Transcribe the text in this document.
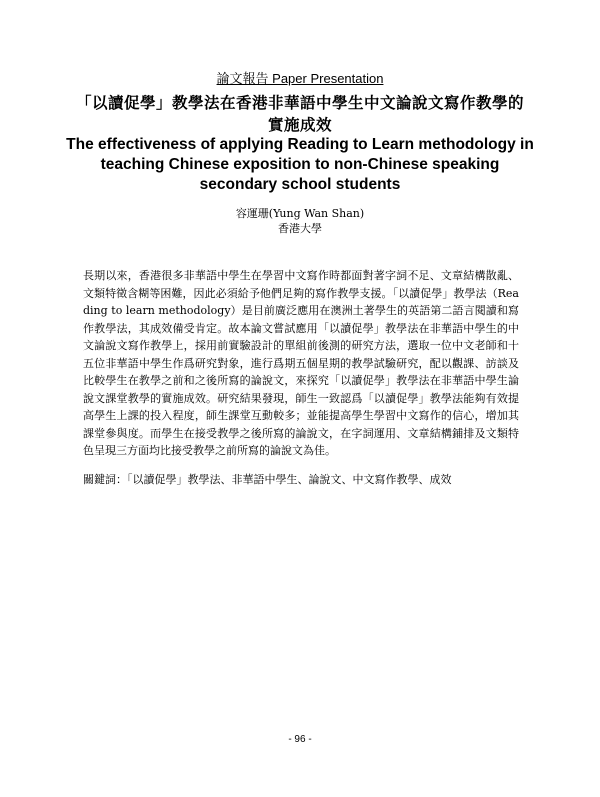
論文報告 Paper Presentation
「以讀促學」教學法在香港非華語中學生中文論說文寫作教學的實施成效
The effectiveness of applying Reading to Learn methodology in teaching Chinese exposition to non-Chinese speaking secondary school students
容運珊(Yung Wan Shan)
香港大學
長期以來，香港很多非華語中學生在學習中文寫作時都面對著字詞不足、文章結構散亂、文類特徵含糊等困難，因此必須給予他們足夠的寫作教學支援。「以讀促學」教學法（Reading to learn methodology）是目前廣泛應用在澳洲土著學生的英語第二語言閱讀和寫作教學法，其成效備受肯定。故本論文嘗試應用「以讀促學」教學法在非華語中學生的中文論說文寫作教學上，採用前實驗設計的單組前後測的研究方法，選取一位中文老師和十五位非華語中學生作爲研究對象，進行爲期五個星期的教學試驗研究，配以觀課、訪談及比較學生在教學之前和之後所寫的論說文，來探究「以讀促學」教學法在非華語中學生論說文課堂教學的實施成效。研究結果發現，師生一致認爲「以讀促學」教學法能夠有效提高學生上課的投入程度，師生課堂互動較多；並能提高學生學習中文寫作的信心，增加其課堂參與度。而學生在接受教學之後所寫的論說文，在字詞運用、文章結構鋪排及文類特色呈現三方面均比接受教學之前所寫的論說文為佳。
關鍵詞：「以讀促學」教學法、非華語中學生、論說文、中文寫作教學、成效
- 96 -
